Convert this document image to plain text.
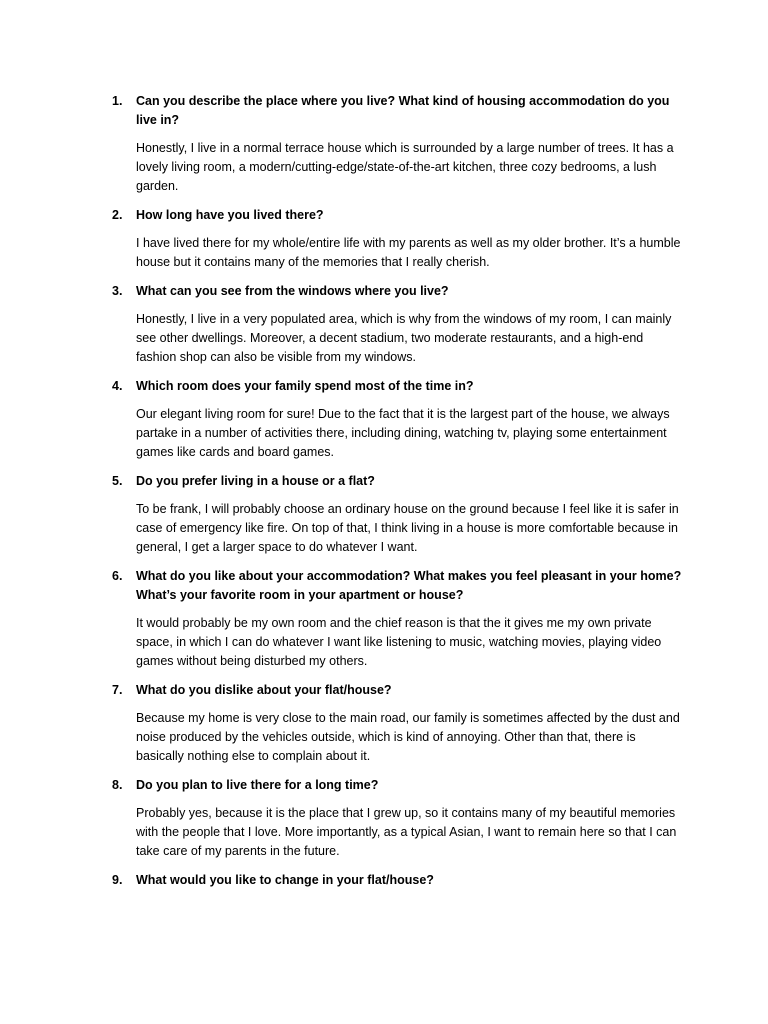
1. Can you describe the place where you live? What kind of housing accommodation do you live in?

Honestly, I live in a normal terrace house which is surrounded by a large number of trees. It has a lovely living room, a modern/cutting-edge/state-of-the-art kitchen, three cozy bedrooms, a lush garden.

2. How long have you lived there?

I have lived there for my whole/entire life with my parents as well as my older brother. It’s a humble house but it contains many of the memories that I really cherish.

3. What can you see from the windows where you live?

Honestly, I live in a very populated area, which is why from the windows of my room, I can mainly see other dwellings. Moreover, a decent stadium, two moderate restaurants, and a high-end fashion shop can also be visible from my windows.

4. Which room does your family spend most of the time in?

Our elegant living room for sure! Due to the fact that it is the largest part of the house, we always partake in a number of activities there, including dining, watching tv, playing some entertainment games like cards and board games.

5. Do you prefer living in a house or a flat?

To be frank, I will probably choose an ordinary house on the ground because I feel like it is safer in case of emergency like fire. On top of that, I think living in a house is more comfortable because in general, I get a larger space to do whatever I want.

6. What do you like about your accommodation? What makes you feel pleasant in your home? What’s your favorite room in your apartment or house?

It would probably be my own room and the chief reason is that the it gives me my own private space, in which I can do whatever I want like listening to music, watching movies, playing video games without being disturbed my others.

7. What do you dislike about your flat/house?

Because my home is very close to the main road, our family is sometimes affected by the dust and noise produced by the vehicles outside, which is kind of annoying. Other than that, there is basically nothing else to complain about it.

8. Do you plan to live there for a long time?

Probably yes, because it is the place that I grew up, so it contains many of my beautiful memories with the people that I love. More importantly, as a typical Asian, I want to remain here so that I can take care of my parents in the future.

9. What would you like to change in your flat/house?
